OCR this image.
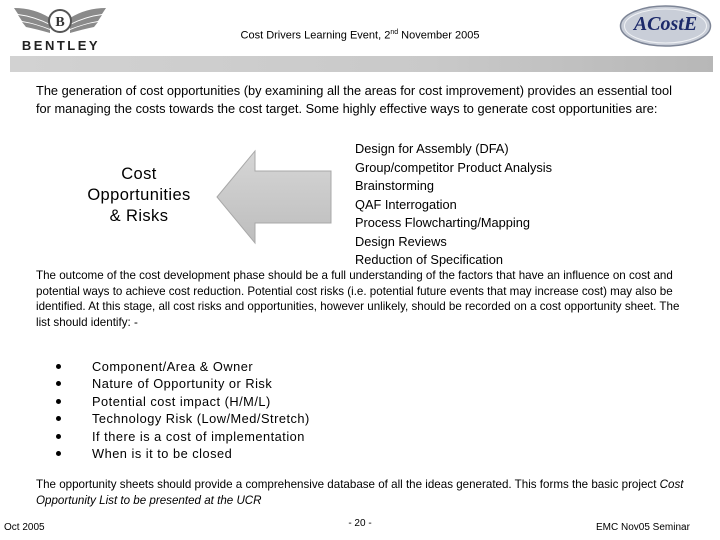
B
BENTLEY
Cost Drivers Learning Event, 2nd November 2005
ACostE
The generation of cost opportunities (by examining all the areas for cost improvement) provides an essential tool for managing the costs towards the cost target. Some highly effective ways to generate cost opportunities are:
Cost
Opportunities
& Risks
Design for Assembly (DFA)
Group/competitor Product Analysis
Brainstorming
QAF Interrogation
Process Flowcharting/Mapping
Design Reviews
Reduction of Specification
The outcome of the cost development phase should be a full understanding of the factors that have an influence on cost and potential ways to achieve cost reduction. Potential cost risks (i.e. potential future events that may increase cost) may also be identified. At this stage, all cost risks and opportunities, however unlikely, should be recorded on a cost opportunity sheet. The list should identify: -
Component/Area & Owner
Nature of Opportunity or Risk
Potential cost impact (H/M/L)
Technology Risk (Low/Med/Stretch)
If there is a cost of implementation
When is it to be closed
The opportunity sheets should provide a comprehensive database of all the ideas generated. This forms the basic project Cost Opportunity List to be presented at the UCR
Oct 2005	- 20 -	EMC Nov05 Seminar
